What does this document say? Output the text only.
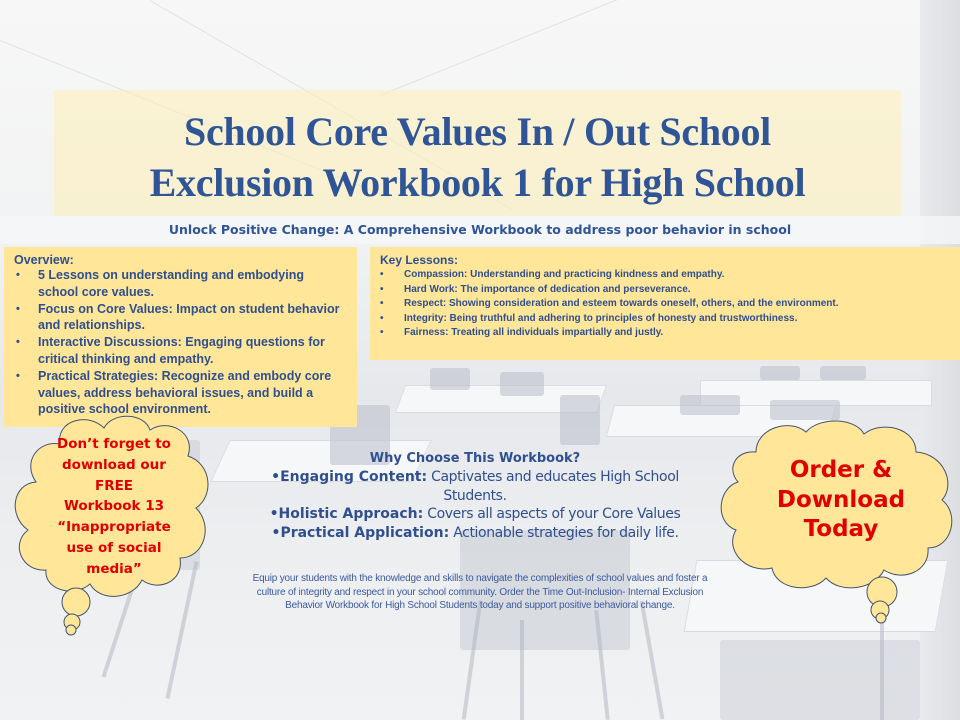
School Core Values In / Out School
Exclusion Workbook 1 for High School
Unlock Positive Change: A Comprehensive Workbook to address poor behavior in school
Overview:
• 5 Lessons on understanding and embodying school core values.
• Focus on Core Values: Impact on student behavior and relationships.
• Interactive Discussions: Engaging questions for critical thinking and empathy.
• Practical Strategies: Recognize and embody core values, address behavioral issues, and build a positive school environment.
Key Lessons:
• Compassion: Understanding and practicing kindness and empathy.
• Hard Work: The importance of dedication and perseverance.
• Respect: Showing consideration and esteem towards oneself, others, and the environment.
• Integrity: Being truthful and adhering to principles of honesty and trustworthiness.
• Fairness: Treating all individuals impartially and justly.
Don’t forget to
download our
FREE
Workbook 13
“Inappropriate
use of social
media”
Order &
Download
Today
Why Choose This Workbook?

•Engaging Content: Captivates and educates High School Students.

•Holistic Approach: Covers all aspects of your Core Values

•Practical Application: Actionable strategies for daily life.

Equip your students with the knowledge and skills to navigate the complexities of school values and foster a culture of integrity and respect in your school community. Order the Time Out-Inclusion- Internal Exclusion Behavior Workbook for High School Students today and support positive behavioral change.
